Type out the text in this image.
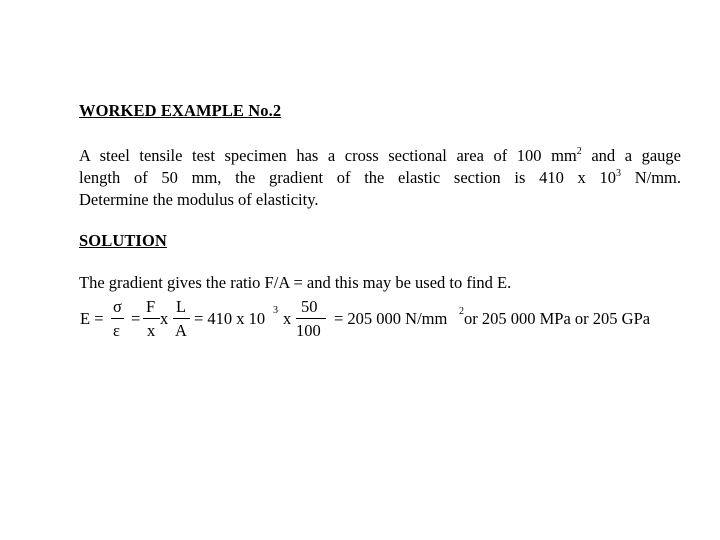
WORKED EXAMPLE No.2
A steel tensile test specimen has a cross sectional area of 100 $mm^2$ and a gauge
length of 50 mm, the gradient of the elastic section is 410 x $10^3$ N/mm.
Determine the modulus of elasticity.
SOLUTION
The gradient gives the ratio F/A = and this may be used to find E.
E =
σ
ε
=
F
x
x
L
A
= 410 x 10 3 x
50
100
= 205 000 N/mm 2 or 205 000 MPa or 205 GPa
